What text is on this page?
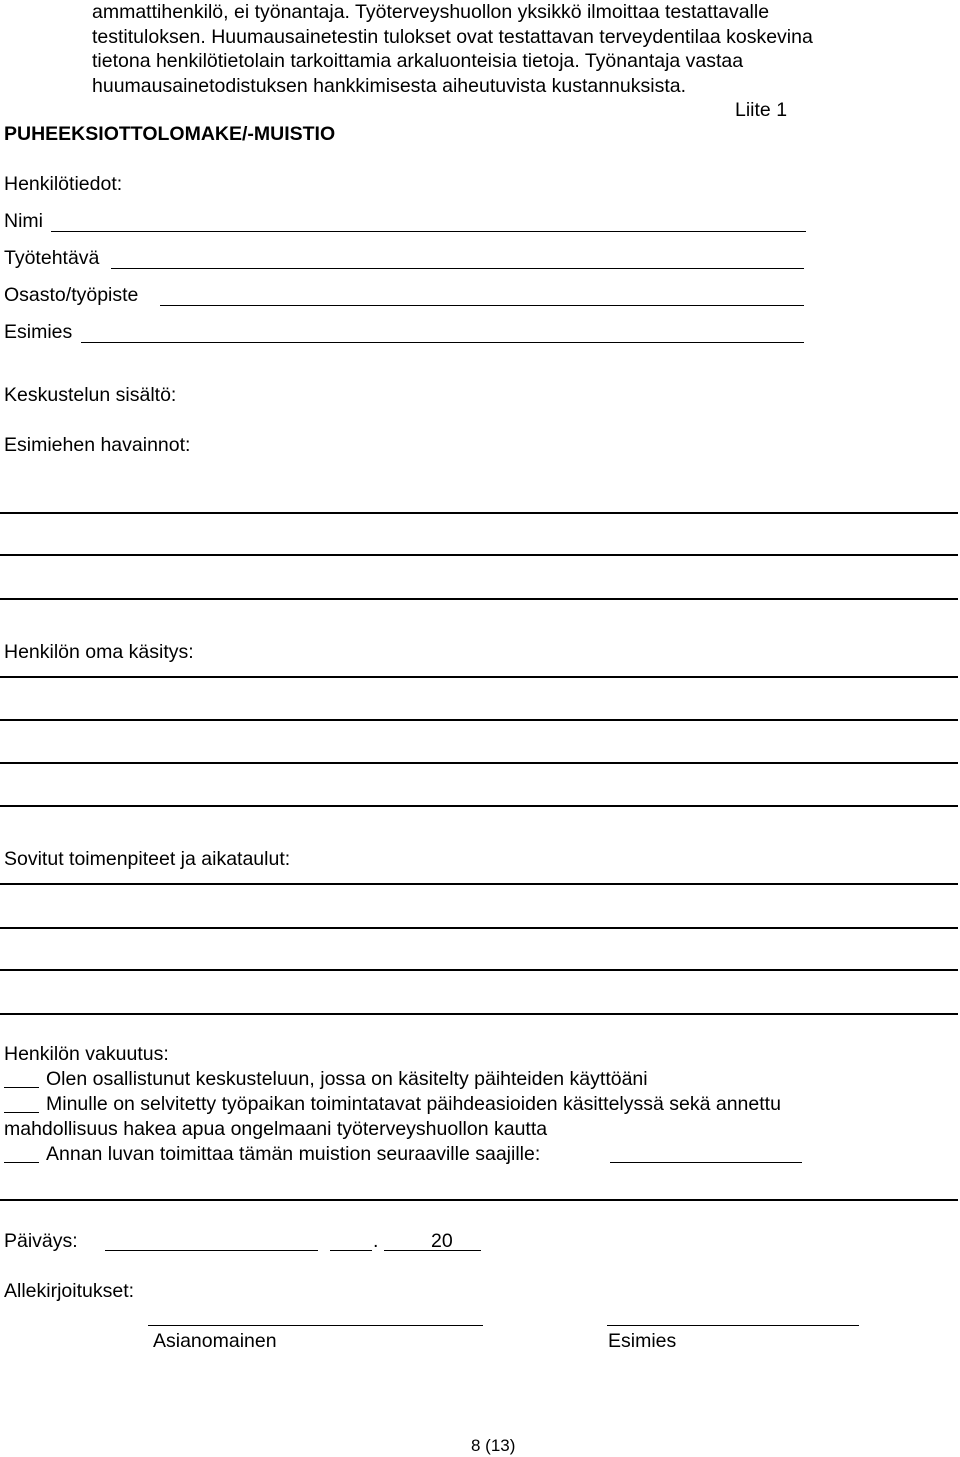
ammattihenkilö, ei työnantaja. Työterveyshuollon yksikkö ilmoittaa testattavalle
testituloksen. Huumausainetestin tulokset ovat testattavan terveydentilaa koskevina
tietona henkilötietolain tarkoittamia arkaluonteisia tietoja. Työnantaja vastaa
huumausainetodistuksen hankkimisesta aiheutuvista kustannuksista.
Liite 1
PUHEEKSIOTTOLOMAKE/-MUISTIO
Henkilötiedot:
Nimi
Työtehtävä
Osasto/työpiste
Esimies
Keskustelun sisältö:
Esimiehen havainnot:
Henkilön oma käsitys:
Sovitut toimenpiteet ja aikataulut:
Henkilön vakuutus:
Olen osallistunut keskusteluun, jossa on käsitelty päihteiden käyttöäni
Minulle on selvitetty työpaikan toimintatavat päihdeasioiden käsittelyssä sekä annettu
mahdollisuus hakea apua ongelmaani työterveyshuollon kautta
Annan luvan toimittaa tämän muistion seuraaville saajille:
Päiväys:	.	20
Allekirjoitukset:
Asianomainen	Esimies
8 (13)
